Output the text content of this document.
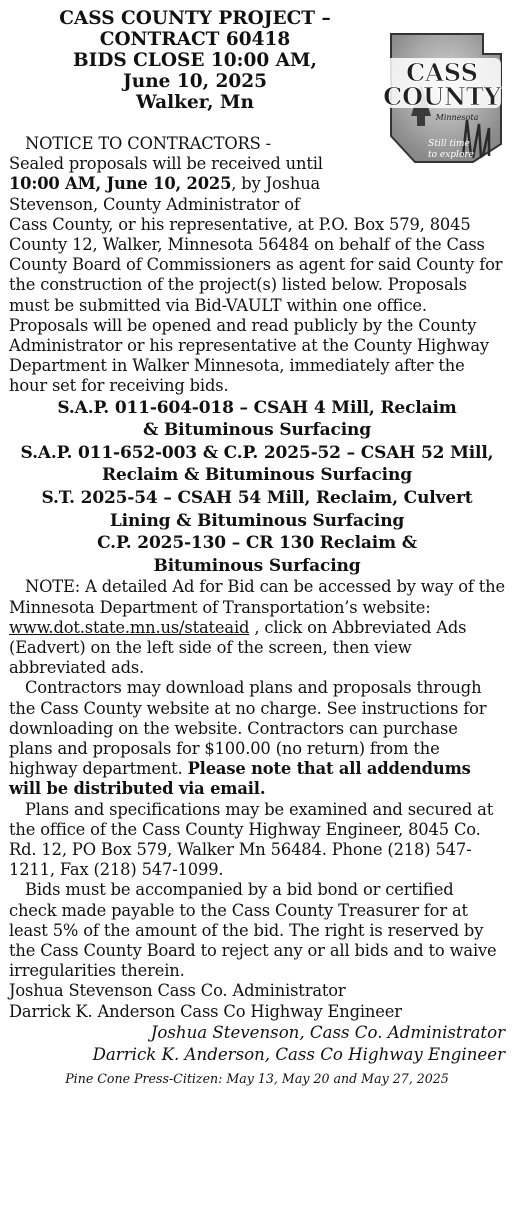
CASS COUNTY PROJECT –
CONTRACT 60418
BIDS CLOSE 10:00 AM,
June 10, 2025
Walker, Mn
CASS
COUNTY
Minnesota
Still time
to explore

NOTICE TO CONTRACTORS -

Sealed proposals will be received until

10:00 AM, June 10, 2025, by Joshua

Stevenson, County Administrator of

Cass County, or his representative, at P.O. Box 579, 8045 County 12, Walker, Minnesota 56484 on behalf of the Cass County Board of Commissioners as agent for said County for the construction of the project(s) listed below. Proposals must be submitted via Bid-VAULT within one office. Proposals will be opened and read publicly by the County Administrator or his representative at the County Highway Department in Walker Minnesota, immediately after the hour set for receiving bids.

S.A.P. 011-604-018 – CSAH 4 Mill, Reclaim
& Bituminous Surfacing
S.A.P. 011-652-003 & C.P. 2025-52 – CSAH 52 Mill,
Reclaim & Bituminous Surfacing
S.T. 2025-54 – CSAH 54 Mill, Reclaim, Culvert
Lining & Bituminous Surfacing
C.P. 2025-130 – CR 130 Reclaim &
Bituminous Surfacing

NOTE: A detailed Ad for Bid can be accessed by way of the Minnesota Department of Transportation’s website: www.dot.state.mn.us/stateaid , click on Abbreviated Ads (Eadvert) on the left side of the screen, then view abbreviated ads.

Contractors may download plans and proposals through the Cass County website at no charge. See instructions for downloading on the website. Contractors can purchase plans and proposals for $100.00 (no return) from the highway department. Please note that all addendums will be distributed via email.

Plans and specifications may be examined and secured at the office of the Cass County Highway Engineer, 8045 Co. Rd. 12, PO Box 579, Walker Mn 56484. Phone (218) 547-1211, Fax (218) 547-1099.

Bids must be accompanied by a bid bond or certified check made payable to the Cass County Treasurer for at least 5% of the amount of the bid. The right is reserved by the Cass County Board to reject any or all bids and to waive irregularities therein.

Joshua Stevenson Cass Co. Administrator

Darrick K. Anderson Cass Co Highway Engineer

Joshua Stevenson, Cass Co. Administrator
Darrick K. Anderson, Cass Co Highway Engineer
Pine Cone Press-Citizen: May 13, May 20 and May 27, 2025
